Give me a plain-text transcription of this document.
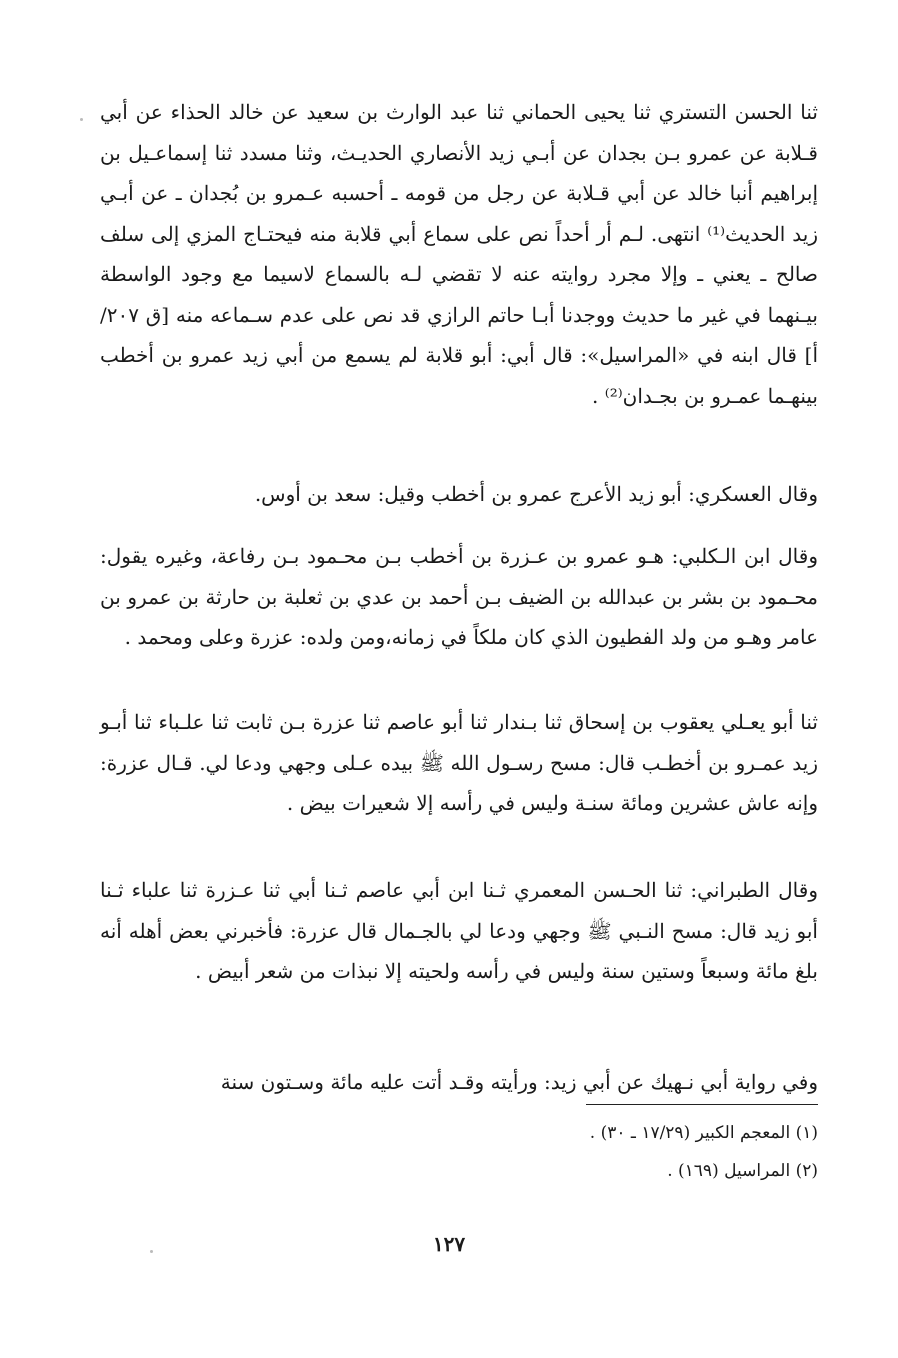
ثنا الحسن التستري ثنا يحيى الحماني ثنا عبد الوارث بن سعيد عن خالد الحذاء عن أبي قـلابة عن عمرو بـن بجدان عن أبـي زيد الأنصاري الحديـث، وثنا مسدد ثنا إسماعـيل بن إبراهيم أنبا خالد عن أبي قـلابة عن رجل من قومه ـ أحسبه عـمرو بن بُجدان ـ عن أبـي زيد الحديث⁽¹⁾ انتهى. لـم أر أحداً نص على سماع أبي قلابة منه فيحتـاج المزي إلى سلف صالح ـ يعني ـ وإلا مجرد روايته عنه لا تقضي لـه بالسماع لاسيما مع وجود الواسطة بيـنهما في غير ما حديث ووجدنا أبـا حاتم الرازي قد نص على عدم سـماعه منه [ق ٢٠٧/أ] قال ابنه في «المراسيل»: قال أبي: أبو قلابة لم يسمع من أبي زيد عمرو بن أخطب بينهـما عمـرو بن بجـدان⁽²⁾ .

وقال العسكري: أبو زيد الأعرج عمرو بن أخطب وقيل: سعد بن أوس.

وقال ابن الـكلبي: هـو عمرو بن عـزرة بن أخطب بـن محـمود بـن رفاعة، وغيره يقول: محـمود بن بشر بن عبدالله بن الضيف بـن أحمد بن عدي بن ثعلبة بن حارثة بن عمرو بن عامر وهـو من ولد الفطيون الذي كان ملكاً في زمانه،ومن ولده: عزرة وعلى ومحمد .

ثنا أبو يعـلي يعقوب بن إسحاق ثنا بـندار ثنا أبو عاصم ثنا عزرة بـن ثابت ثنا علـباء ثنا أبـو زيد عمـرو بن أخطـب قال: مسح رسـول الله ﷺ بيده عـلى وجهي ودعا لي. قـال عزرة: وإنه عاش عشرين ومائة سنـة وليس في رأسه إلا شعيرات بيض .

وقال الطبراني: ثنا الحـسن المعمري ثـنا ابن أبي عاصم ثـنا أبي ثنا عـزرة ثنا علباء ثـنا أبو زيد قال: مسح النـبي ﷺ وجهي ودعا لي بالجـمال قال عزرة: فأخبرني بعض أهله أنه بلغ مائة وسبعاً وستين سنة وليس في رأسه ولحيته إلا نبذات من شعر أبيض .

وفي رواية أبي نـهيك عن أبي زيد: ورأيته وقـد أتت عليه مائة وسـتون سنة

(١) المعجم الكبير (١٧/٢٩ ـ ٣٠) .
(٢) المراسيل (١٦٩) .
١٢٧
